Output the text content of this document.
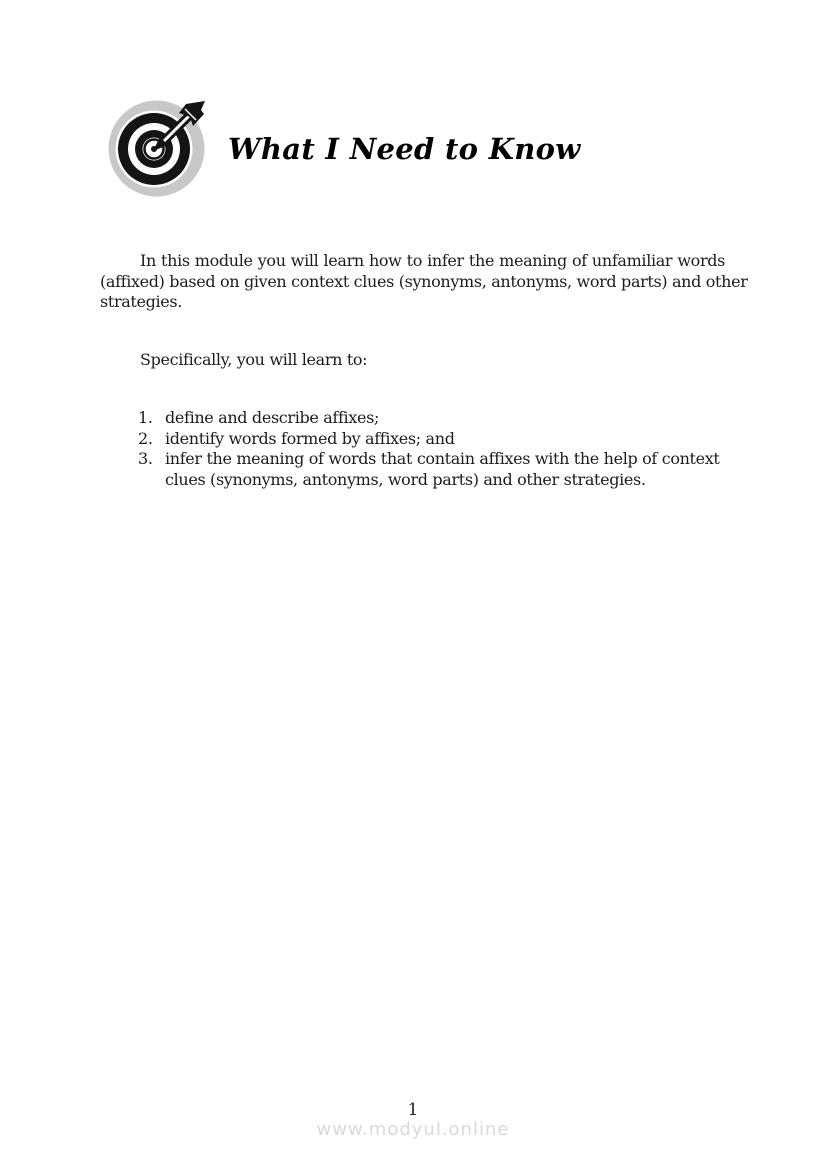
What I Need to Know
In this module you will learn how to infer the meaning of unfamiliar words
(affixed) based on given context clues (synonyms, antonyms, word parts) and other
strategies.
Specifically, you will learn to:
1. define and describe affixes;
2. identify words formed by affixes; and
3. infer the meaning of words that contain affixes with the help of context
clues (synonyms, antonyms, word parts) and other strategies.
1
www.modyul.online
